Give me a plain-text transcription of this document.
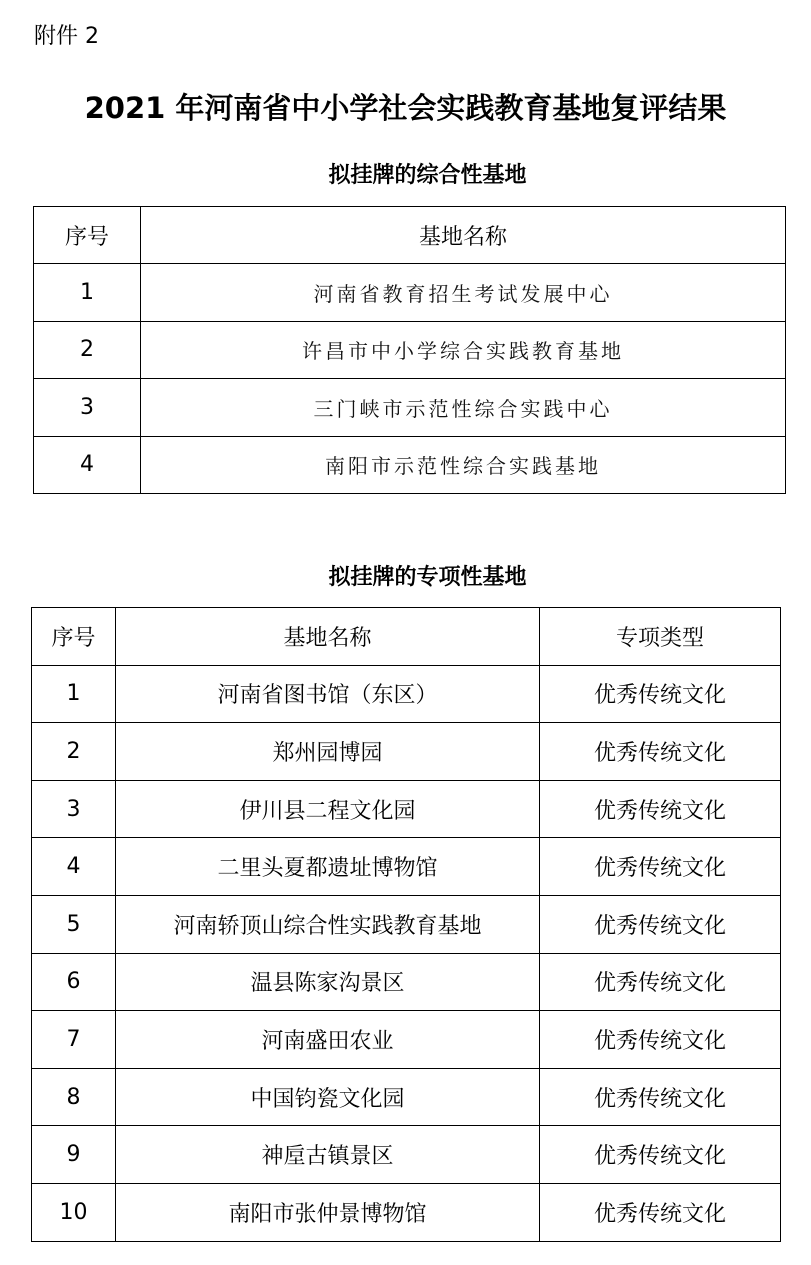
附件 2
2021 年河南省中小学社会实践教育基地复评结果
拟挂牌的综合性基地
序号	基地名称
1	河南省教育招生考试发展中心
2	许昌市中小学综合实践教育基地
3	三门峡市示范性综合实践中心
4	南阳市示范性综合实践基地
拟挂牌的专项性基地
序号	基地名称	专项类型
1	河南省图书馆（东区）	优秀传统文化
2	郑州园博园	优秀传统文化
3	伊川县二程文化园	优秀传统文化
4	二里头夏都遗址博物馆	优秀传统文化
5	河南轿顶山综合性实践教育基地	优秀传统文化
6	温县陈家沟景区	优秀传统文化
7	河南盛田农业	优秀传统文化
8	中国钧瓷文化园	优秀传统文化
9	神垕古镇景区	优秀传统文化
10	南阳市张仲景博物馆	优秀传统文化
